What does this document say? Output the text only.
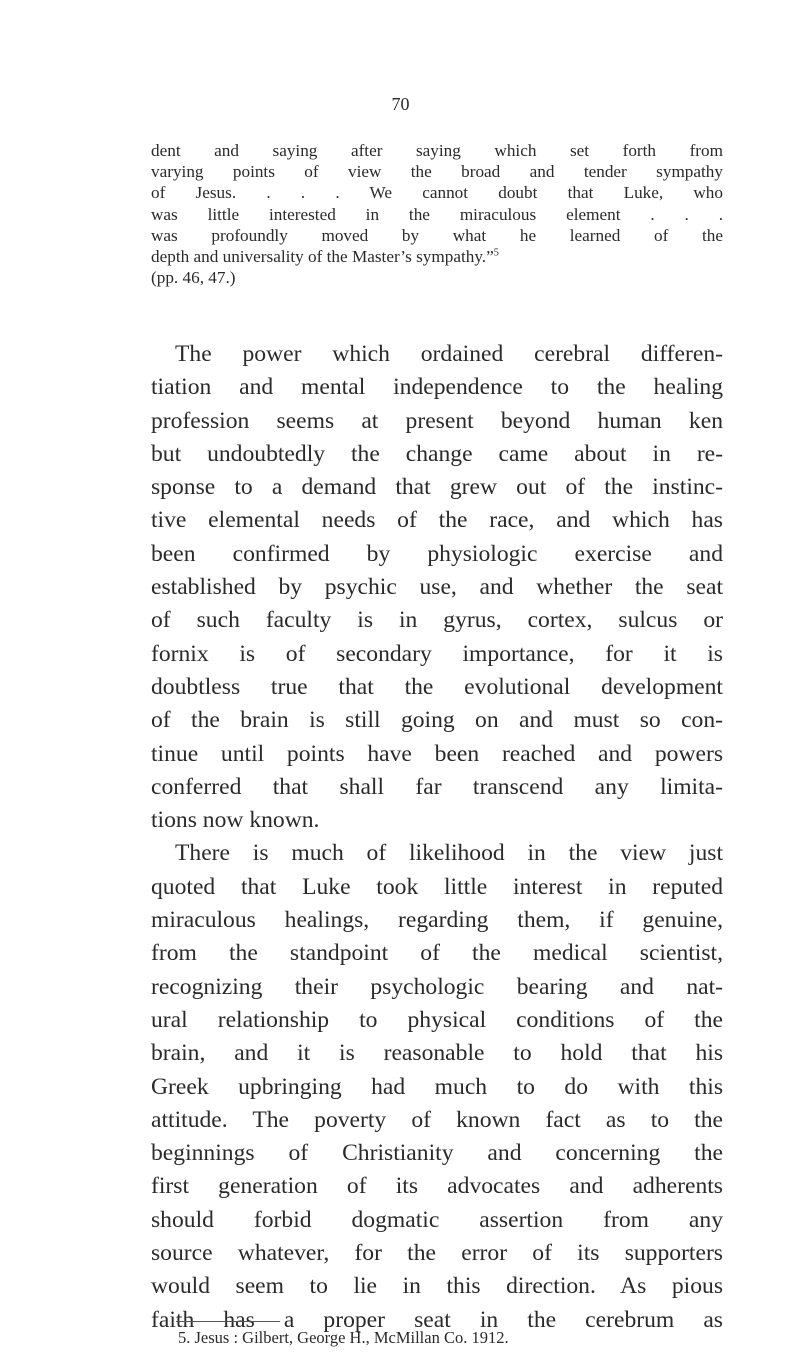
70
dent and saying after saying which set forth from
varying points of view the broad and tender sympathy
of Jesus. . . . We cannot doubt that Luke, who
was little interested in the miraculous element . . .
was profoundly moved by what he learned of the
depth and universality of the Master’s sympathy.”$^5$
(pp. 46, 47.)
The power which ordained cerebral differen-
tiation and mental independence to the healing
profession seems at present beyond human ken
but undoubtedly the change came about in re-
sponse to a demand that grew out of the instinc-
tive elemental needs of the race, and which has
been confirmed by physiologic exercise and
established by psychic use, and whether the seat
of such faculty is in gyrus, cortex, sulcus or
fornix is of secondary importance, for it is
doubtless true that the evolutional development
of the brain is still going on and must so con-
tinue until points have been reached and powers
conferred that shall far transcend any limita-
tions now known.
There is much of likelihood in the view just
quoted that Luke took little interest in reputed
miraculous healings, regarding them, if genuine,
from the standpoint of the medical scientist,
recognizing their psychologic bearing and nat-
ural relationship to physical conditions of the
brain, and it is reasonable to hold that his
Greek upbringing had much to do with this
attitude. The poverty of known fact as to the
beginnings of Christianity and concerning the
first generation of its advocates and adherents
should forbid dogmatic assertion from any
source whatever, for the error of its supporters
would seem to lie in this direction. As pious
faith has a proper seat in the cerebrum as
5. Jesus : Gilbert, George H., McMillan Co. 1912.
